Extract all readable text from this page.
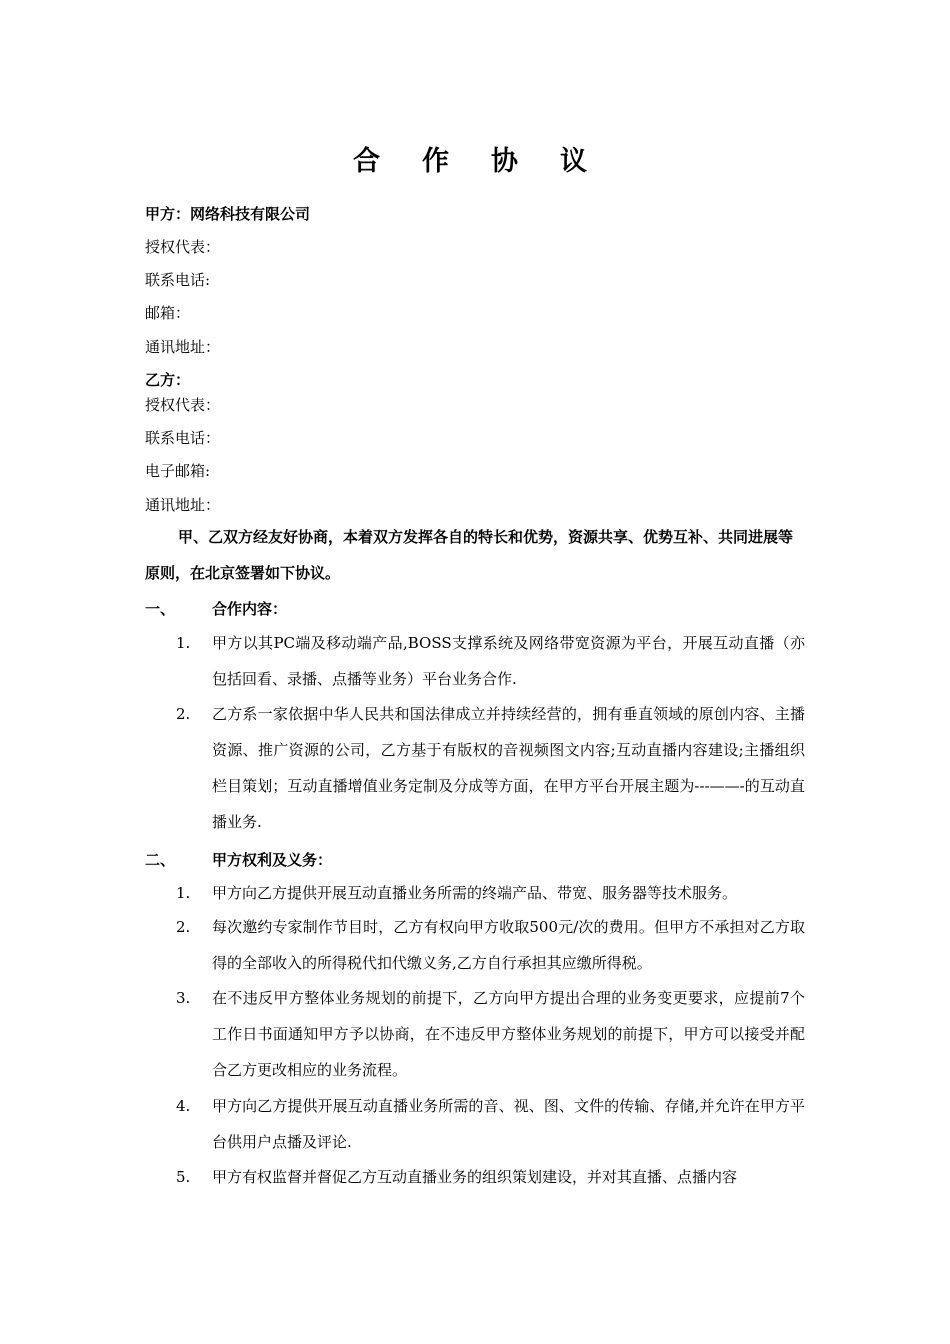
合 作 协 议
甲方：网络科技有限公司
授权代表：
联系电话:
邮箱：
通讯地址：
乙方：
授权代表：
联系电话：
电子邮箱:
通讯地址：
甲、乙双方经友好协商，本着双方发挥各自的特长和优势，资源共享、优势互补、共同进展等原则，在北京签署如下协议。
一、 合作内容：
1. 甲方以其PC端及移动端产品,BOSS支撑系统及网络带宽资源为平台，开展互动直播（亦包括回看、录播、点播等业务）平台业务合作.
2. 乙方系一家依据中华人民共和国法律成立并持续经营的，拥有垂直领域的原创内容、主播资源、推广资源的公司，乙方基于有版权的音视频图文内容;互动直播内容建设;主播组织栏目策划；互动直播增值业务定制及分成等方面，在甲方平台开展主题为---——-的互动直播业务.
二、 甲方权利及义务：
1. 甲方向乙方提供开展互动直播业务所需的终端产品、带宽、服务器等技术服务。
2. 每次邀约专家制作节目时，乙方有权向甲方收取500元/次的费用。但甲方不承担对乙方取得的全部收入的所得税代扣代缴义务,乙方自行承担其应缴所得税。
3. 在不违反甲方整体业务规划的前提下，乙方向甲方提出合理的业务变更要求，应提前7个工作日书面通知甲方予以协商，在不违反甲方整体业务规划的前提下，甲方可以接受并配合乙方更改相应的业务流程。
4. 甲方向乙方提供开展互动直播业务所需的音、视、图、文件的传输、存储,并允许在甲方平台供用户点播及评论.
5. 甲方有权监督并督促乙方互动直播业务的组织策划建设，并对其直播、点播内容
